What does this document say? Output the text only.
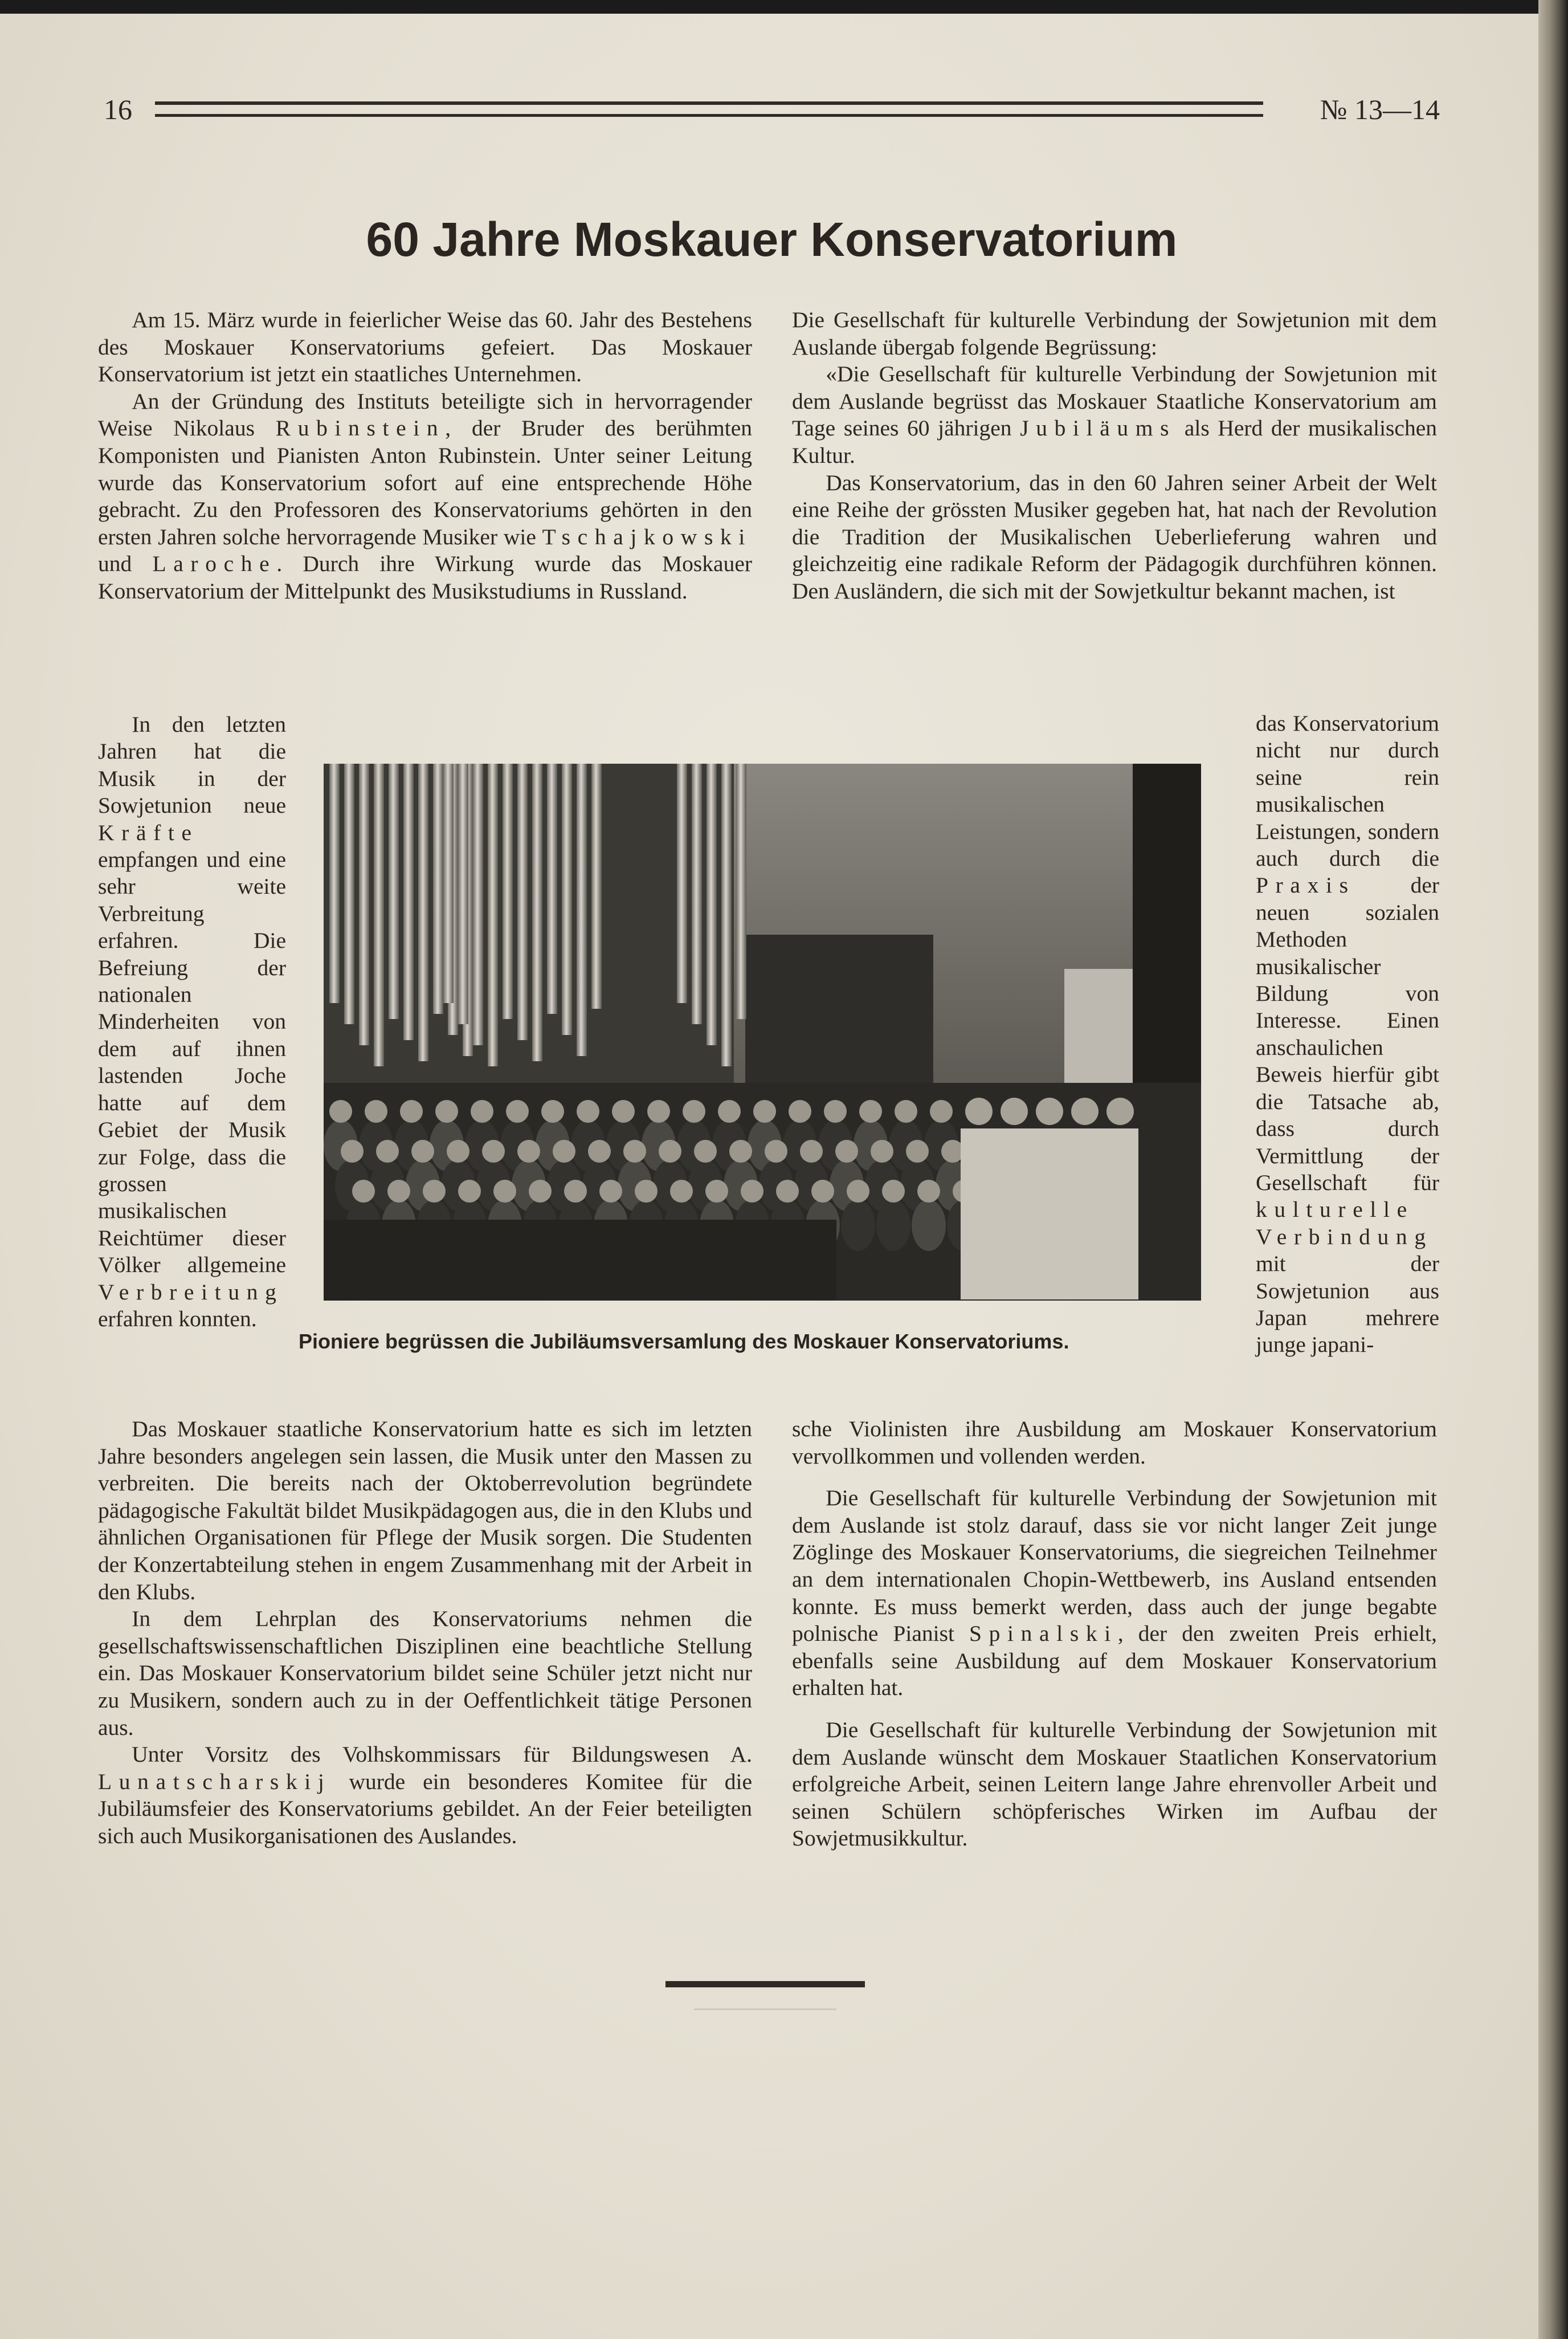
16	№ 13—14
60 Jahre Moskauer Konservatorium

Am 15. März wurde in feierlicher Weise das 60. Jahr des Bestehens des Moskauer Konservatoriums gefeiert. Das Moskauer Konservatorium ist jetzt ein staatliches Unternehmen.

An der Gründung des Instituts beteiligte sich in hervorragender Weise Nikolaus Rubinstein, der Bruder des berühmten Komponisten und Pianisten Anton Rubinstein. Unter seiner Leitung wurde das Konservatorium sofort auf eine entsprechende Höhe gebracht. Zu den Professoren des Konservatoriums gehörten in den ersten Jahren solche hervorragende Musiker wie Tschajkowski und Laroche. Durch ihre Wirkung wurde das Moskauer Konservatorium der Mittelpunkt des Musikstudiums in Russland.

In den letzten Jahren hat die Musik in der Sowjetunion neue Kräfte empfangen und eine sehr weite Verbreitung erfahren. Die Befreiung der nationalen Minderheiten von dem auf ihnen lastenden Joche hatte auf dem Gebiet der Musik zur Folge, dass die grossen musikalischen Reichtümer dieser Völker allgemeine Verbreitung erfahren konnten.

Das Moskauer staatliche Konservatorium hatte es sich im letzten Jahre besonders angelegen sein lassen, die Musik unter den Massen zu verbreiten. Die bereits nach der Oktoberrevolution begründete pädagogische Fakultät bildet Musikpädagogen aus, die in den Klubs und ähnlichen Organisationen für Pflege der Musik sorgen. Die Studenten der Konzertabteilung stehen in engem Zusammenhang mit der Arbeit in den Klubs.

In dem Lehrplan des Konservatoriums nehmen die gesellschaftswissenschaftlichen Disziplinen eine beachtliche Stellung ein. Das Moskauer Konservatorium bildet seine Schüler jetzt nicht nur zu Musikern, sondern auch zu in der Oeffentlichkeit tätige Personen aus.

Unter Vorsitz des Volhskommissars für Bildungswesen A. Lunatscharskij wurde ein besonderes Komitee für die Jubiläumsfeier des Konservatoriums gebildet. An der Feier beteiligten sich auch Musikorganisationen des Auslandes.

Die Gesellschaft für kulturelle Verbindung der Sowjetunion mit dem Auslande übergab folgende Begrüssung:

«Die Gesellschaft für kulturelle Verbindung der Sowjetunion mit dem Auslande begrüsst das Moskauer Staatliche Konservatorium am Tage seines 60 jährigen Jubiläums als Herd der musikalischen Kultur.

Das Konservatorium, das in den 60 Jahren seiner Arbeit der Welt eine Reihe der grössten Musiker gegeben hat, hat nach der Revolution die Tradition der Musikalischen Ueberlieferung wahren und gleichzeitig eine radikale Reform der Pädagogik durchführen können. Den Ausländern, die sich mit der Sowjetkultur bekannt machen, ist

das Konservatorium nicht nur durch seine rein musikalischen Leistungen, sondern auch durch die Praxis der neuen sozialen Methoden musikalischer Bildung von Interesse. Einen anschaulichen Beweis hierfür gibt die Tatsache ab, dass durch Vermittlung der Gesellschaft für kulturelle Verbindung mit der Sowjetunion aus Japan mehrere junge japani-

sche Violinisten ihre Ausbildung am Moskauer Konservatorium vervollkommen und vollenden werden.

Die Gesellschaft für kulturelle Verbindung der Sowjetunion mit dem Auslande ist stolz darauf, dass sie vor nicht langer Zeit junge Zöglinge des Moskauer Konservatoriums, die siegreichen Teilnehmer an dem internationalen Chopin-Wettbewerb, ins Ausland entsenden konnte. Es muss bemerkt werden, dass auch der junge begabte polnische Pianist Spinalski, der den zweiten Preis erhielt, ebenfalls seine Ausbildung auf dem Moskauer Konservatorium erhalten hat.

Die Gesellschaft für kulturelle Verbindung der Sowjetunion mit dem Auslande wünscht dem Moskauer Staatlichen Konservatorium erfolgreiche Arbeit, seinen Leitern lange Jahre ehrenvoller Arbeit und seinen Schülern schöpferisches Wirken im Aufbau der Sowjetmusikkultur.

Pioniere begrüssen die Jubiläumsversamlung des Moskauer Konservatoriums.
